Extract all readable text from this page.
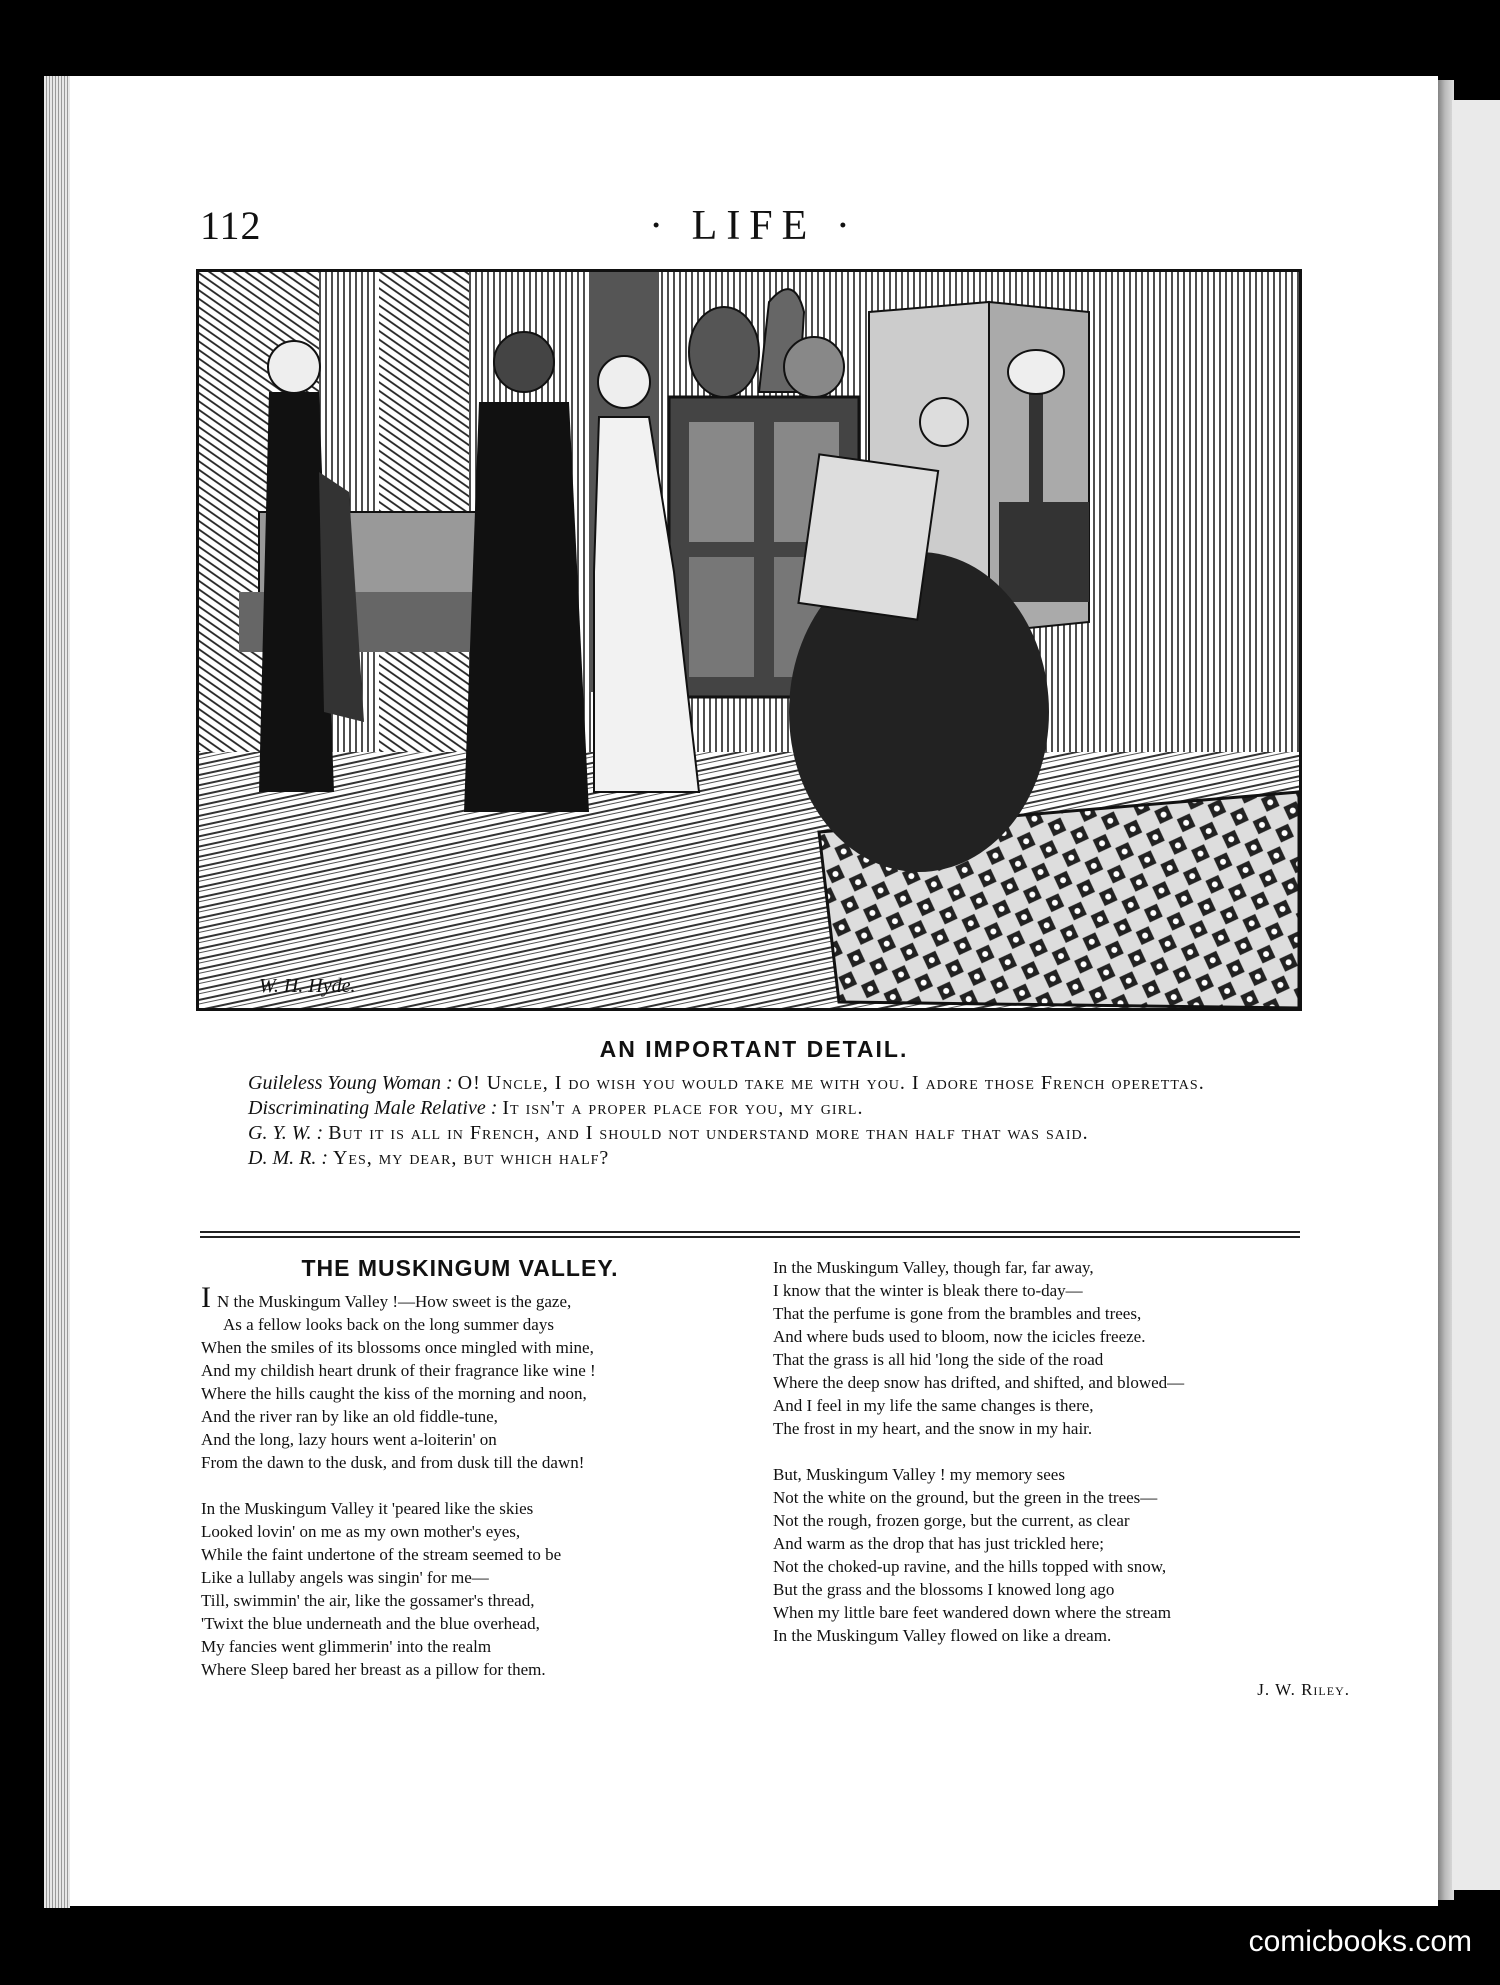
112	· LIFE ·
W. H. Hyde.
AN IMPORTANT DETAIL.
Guileless Young Woman : O! Uncle, I do wish you would take me with you. I adore those French operettas.
Discriminating Male Relative : It isn't a proper place for you, my girl.
G. Y. W. : But it is all in French, and I should not understand more than half that was said.
D. M. R. : Yes, my dear, but which half?
THE MUSKINGUM VALLEY.
I N the Muskingum Valley !—How sweet is the gaze,
As a fellow looks back on the long summer days
When the smiles of its blossoms once mingled with mine,
And my childish heart drunk of their fragrance like wine !
Where the hills caught the kiss of the morning and noon,
And the river ran by like an old fiddle-tune,
And the long, lazy hours went a-loiterin' on
From the dawn to the dusk, and from dusk till the dawn!
In the Muskingum Valley it 'peared like the skies
Looked lovin' on me as my own mother's eyes,
While the faint undertone of the stream seemed to be
Like a lullaby angels was singin' for me—
Till, swimmin' the air, like the gossamer's thread,
'Twixt the blue underneath and the blue overhead,
My fancies went glimmerin' into the realm
Where Sleep bared her breast as a pillow for them.
In the Muskingum Valley, though far, far away,
I know that the winter is bleak there to-day—
That the perfume is gone from the brambles and trees,
And where buds used to bloom, now the icicles freeze.
That the grass is all hid 'long the side of the road
Where the deep snow has drifted, and shifted, and blowed—
And I feel in my life the same changes is there,
The frost in my heart, and the snow in my hair.
But, Muskingum Valley ! my memory sees
Not the white on the ground, but the green in the trees—
Not the rough, frozen gorge, but the current, as clear
And warm as the drop that has just trickled here;
Not the choked-up ravine, and the hills topped with snow,
But the grass and the blossoms I knowed long ago
When my little bare feet wandered down where the stream
In the Muskingum Valley flowed on like a dream.
J. W. Riley.
comicbooks.com
